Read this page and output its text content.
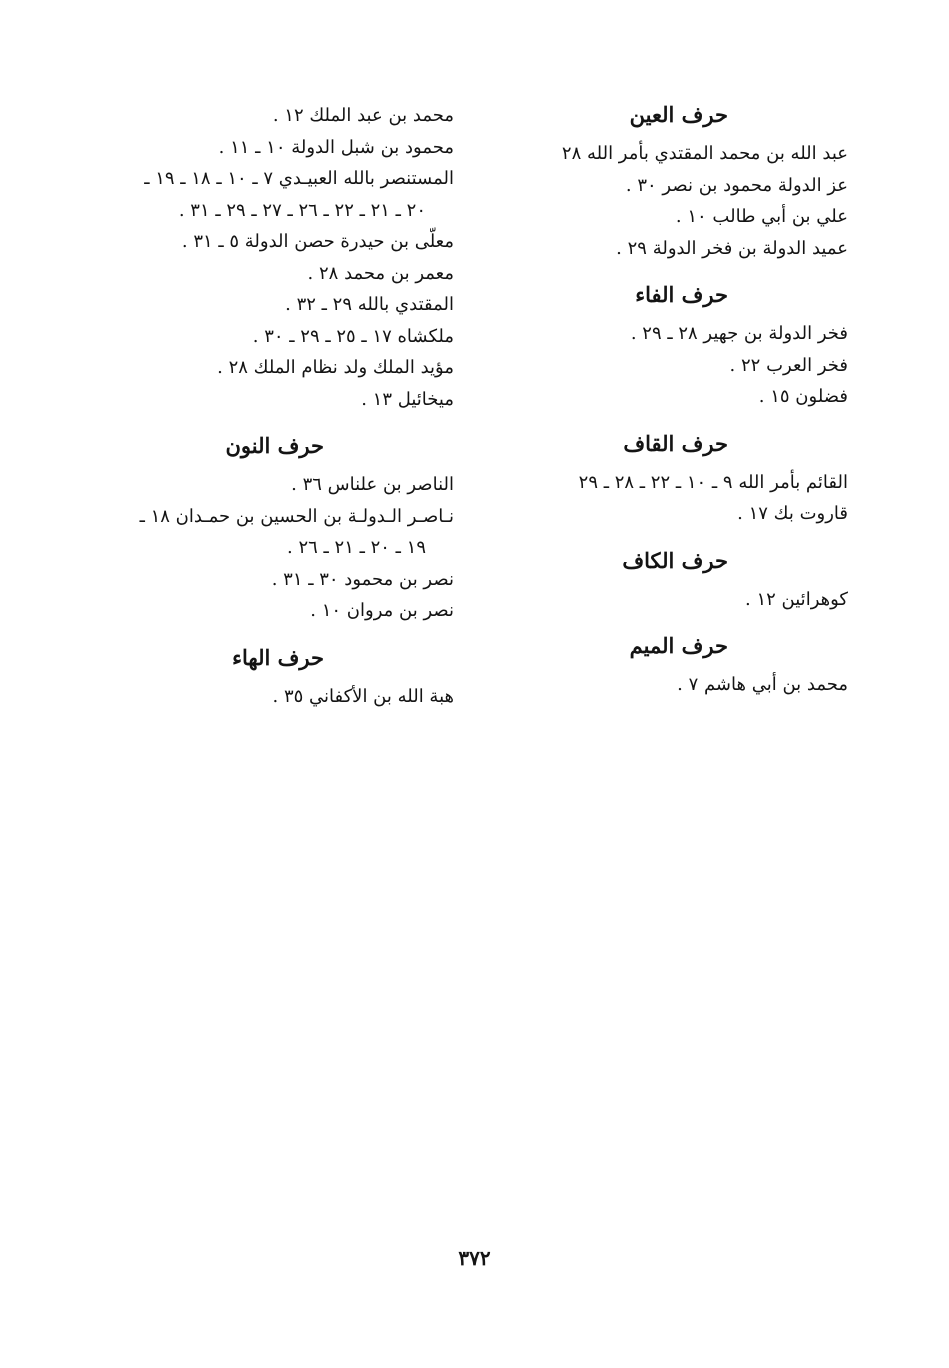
حرف العين
عبد الله بن محمد المقتدي بأمر الله ٢٨
عز الدولة محمود بن نصر ٣٠ .
علي بن أبي طالب ١٠ .
عميد الدولة بن فخر الدولة ٢٩ .
حرف الفاء
فخر الدولة بن جهير ٢٨ ـ ٢٩ .
فخر العرب ٢٢ .
فضلون ١٥ .
حرف القاف
القائم بأمر الله ٩ ـ ١٠ ـ ٢٢ ـ ٢٨ ـ ٢٩
قاروت بك ١٧ .
حرف الكاف
كوهرائين ١٢ .
حرف الميم
محمد بن أبي هاشم ٧ .
محمد بن عبد الملك ١٢ .
محمود بن شبل الدولة ١٠ ـ ١١ .
المستنصر بالله العبيـدي ٧ ـ ١٠ ـ ١٨ ـ ١٩ ـ
٢٠ ـ ٢١ ـ ٢٢ ـ ٢٦ ـ ٢٧ ـ ٢٩ ـ ٣١ .
معلّى بن حيدرة حصن الدولة ٥ ـ ٣١ .
معمر بن محمد ٢٨ .
المقتدي بالله ٢٩ ـ ٣٢ .
ملكشاه ١٧ ـ ٢٥ ـ ٢٩ ـ ٣٠ .
مؤيد الملك ولد نظام الملك ٢٨ .
ميخائيل ١٣ .
حرف النون
الناصر بن علناس ٣٦ .
نـاصـر الـدولـة بن الحسين بن حمـدان ١٨ ـ
١٩ ـ ٢٠ ـ ٢١ ـ ٢٦ .
نصر بن محمود ٣٠ ـ ٣١ .
نصر بن مروان ١٠ .
حرف الهاء
هبة الله بن الأكفاني ٣٥ .
٣٧٢
